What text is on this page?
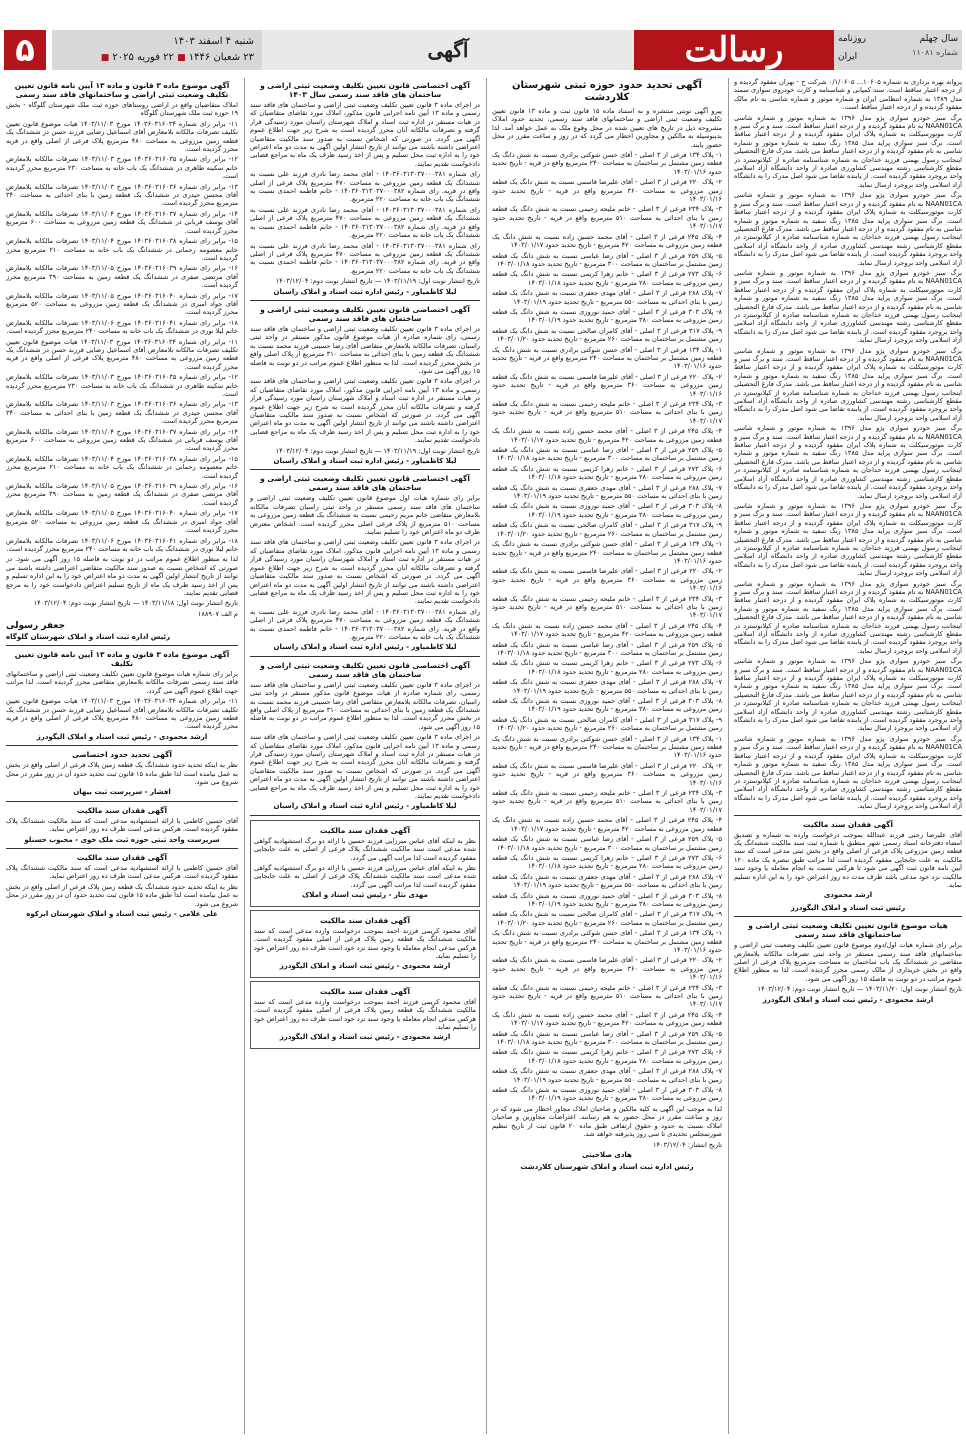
۵	شنبه ۴ اسفند ۱۴۰۳
۲۳ شعبان ۱۴۴۶ ■ ۲۲ فوریه ۲۰۲۵ ■	آگهی	رسالت	سال چهلم
شماره ۱۱۰۸۱
روزنامه
ایران

پروانه بهره برداری به شماره ۱۰۶۰۵... ۰/۱/۰۶۰۵ شرکت ح - تهران مفقود گردیده و از درجه اعتبار ساقط است. سند کمپانی و شناسنامه و کارت خودروی سواری سمند مدل ۱۳۸۹ به شماره انتظامی ایران و شماره موتور و شماره شاسی به نام مالک مفقود گردیده و از درجه اعتبار ساقط است.

برگ سبز خودرو سواری پژو مدل ۱۳۹۶ به شماره موتور و شماره شاسی NAAN01CA به نام مفقود گردیده و از درجه اعتبار ساقط است. سند و برگ سبز و کارت موتورسیکلت به شماره پلاک ایران مفقود گردیده و از درجه اعتبار ساقط است. برگ سبز سواری پراید مدل ۱۳۸۵ رنگ سفید به شماره موتور و شماره شاسی به نام مفقود گردیده و از درجه اعتبار ساقط می باشد. مدرک فارغ التحصیلی اینجانب رسول بهمنی فرزند خداجان به شماره شناسنامه صادره از کیلانوسترد در مقطع کارشناسی رشته مهندسی کشاورزی صادره از واحد دانشگاه آزاد اسلامی واحد بروجرد مفقود گردیده است. از یابنده تقاضا می شود اصل مدرک را به دانشگاه آزاد اسلامی واحد بروجرد ارسال نماید.

برگ سبز خودرو سواری پژو مدل ۱۳۹۶ به شماره موتور و شماره شاسی NAAN01CA به نام مفقود گردیده و از درجه اعتبار ساقط است. سند و برگ سبز و کارت موتورسیکلت به شماره پلاک ایران مفقود گردیده و از درجه اعتبار ساقط است. برگ سبز سواری پراید مدل ۱۳۸۵ رنگ سفید به شماره موتور و شماره شاسی به نام مفقود گردیده و از درجه اعتبار ساقط می باشد. مدرک فارغ التحصیلی اینجانب رسول بهمنی فرزند خداجان به شماره شناسنامه صادره از کیلانوسترد در مقطع کارشناسی رشته مهندسی کشاورزی صادره از واحد دانشگاه آزاد اسلامی واحد بروجرد مفقود گردیده است. از یابنده تقاضا می شود اصل مدرک را به دانشگاه آزاد اسلامی واحد بروجرد ارسال نماید.

برگ سبز خودرو سواری پژو مدل ۱۳۹۶ به شماره موتور و شماره شاسی NAAN01CA به نام مفقود گردیده و از درجه اعتبار ساقط است. سند و برگ سبز و کارت موتورسیکلت به شماره پلاک ایران مفقود گردیده و از درجه اعتبار ساقط است. برگ سبز سواری پراید مدل ۱۳۸۵ رنگ سفید به شماره موتور و شماره شاسی به نام مفقود گردیده و از درجه اعتبار ساقط می باشد. مدرک فارغ التحصیلی اینجانب رسول بهمنی فرزند خداجان به شماره شناسنامه صادره از کیلانوسترد در مقطع کارشناسی رشته مهندسی کشاورزی صادره از واحد دانشگاه آزاد اسلامی واحد بروجرد مفقود گردیده است. از یابنده تقاضا می شود اصل مدرک را به دانشگاه آزاد اسلامی واحد بروجرد ارسال نماید.

برگ سبز خودرو سواری پژو مدل ۱۳۹۶ به شماره موتور و شماره شاسی NAAN01CA به نام مفقود گردیده و از درجه اعتبار ساقط است. سند و برگ سبز و کارت موتورسیکلت به شماره پلاک ایران مفقود گردیده و از درجه اعتبار ساقط است. برگ سبز سواری پراید مدل ۱۳۸۵ رنگ سفید به شماره موتور و شماره شاسی به نام مفقود گردیده و از درجه اعتبار ساقط می باشد. مدرک فارغ التحصیلی اینجانب رسول بهمنی فرزند خداجان به شماره شناسنامه صادره از کیلانوسترد در مقطع کارشناسی رشته مهندسی کشاورزی صادره از واحد دانشگاه آزاد اسلامی واحد بروجرد مفقود گردیده است. از یابنده تقاضا می شود اصل مدرک را به دانشگاه آزاد اسلامی واحد بروجرد ارسال نماید.

برگ سبز خودرو سواری پژو مدل ۱۳۹۶ به شماره موتور و شماره شاسی NAAN01CA به نام مفقود گردیده و از درجه اعتبار ساقط است. سند و برگ سبز و کارت موتورسیکلت به شماره پلاک ایران مفقود گردیده و از درجه اعتبار ساقط است. برگ سبز سواری پراید مدل ۱۳۸۵ رنگ سفید به شماره موتور و شماره شاسی به نام مفقود گردیده و از درجه اعتبار ساقط می باشد. مدرک فارغ التحصیلی اینجانب رسول بهمنی فرزند خداجان به شماره شناسنامه صادره از کیلانوسترد در مقطع کارشناسی رشته مهندسی کشاورزی صادره از واحد دانشگاه آزاد اسلامی واحد بروجرد مفقود گردیده است. از یابنده تقاضا می شود اصل مدرک را به دانشگاه آزاد اسلامی واحد بروجرد ارسال نماید.

برگ سبز خودرو سواری پژو مدل ۱۳۹۶ به شماره موتور و شماره شاسی NAAN01CA به نام مفقود گردیده و از درجه اعتبار ساقط است. سند و برگ سبز و کارت موتورسیکلت به شماره پلاک ایران مفقود گردیده و از درجه اعتبار ساقط است. برگ سبز سواری پراید مدل ۱۳۸۵ رنگ سفید به شماره موتور و شماره شاسی به نام مفقود گردیده و از درجه اعتبار ساقط می باشد. مدرک فارغ التحصیلی اینجانب رسول بهمنی فرزند خداجان به شماره شناسنامه صادره از کیلانوسترد در مقطع کارشناسی رشته مهندسی کشاورزی صادره از واحد دانشگاه آزاد اسلامی واحد بروجرد مفقود گردیده است. از یابنده تقاضا می شود اصل مدرک را به دانشگاه آزاد اسلامی واحد بروجرد ارسال نماید.

برگ سبز خودرو سواری پژو مدل ۱۳۹۶ به شماره موتور و شماره شاسی NAAN01CA به نام مفقود گردیده و از درجه اعتبار ساقط است. سند و برگ سبز و کارت موتورسیکلت به شماره پلاک ایران مفقود گردیده و از درجه اعتبار ساقط است. برگ سبز سواری پراید مدل ۱۳۸۵ رنگ سفید به شماره موتور و شماره شاسی به نام مفقود گردیده و از درجه اعتبار ساقط می باشد. مدرک فارغ التحصیلی اینجانب رسول بهمنی فرزند خداجان به شماره شناسنامه صادره از کیلانوسترد در مقطع کارشناسی رشته مهندسی کشاورزی صادره از واحد دانشگاه آزاد اسلامی واحد بروجرد مفقود گردیده است. از یابنده تقاضا می شود اصل مدرک را به دانشگاه آزاد اسلامی واحد بروجرد ارسال نماید.

برگ سبز خودرو سواری پژو مدل ۱۳۹۶ به شماره موتور و شماره شاسی NAAN01CA به نام مفقود گردیده و از درجه اعتبار ساقط است. سند و برگ سبز و کارت موتورسیکلت به شماره پلاک ایران مفقود گردیده و از درجه اعتبار ساقط است. برگ سبز سواری پراید مدل ۱۳۸۵ رنگ سفید به شماره موتور و شماره شاسی به نام مفقود گردیده و از درجه اعتبار ساقط می باشد. مدرک فارغ التحصیلی اینجانب رسول بهمنی فرزند خداجان به شماره شناسنامه صادره از کیلانوسترد در مقطع کارشناسی رشته مهندسی کشاورزی صادره از واحد دانشگاه آزاد اسلامی واحد بروجرد مفقود گردیده است. از یابنده تقاضا می شود اصل مدرک را به دانشگاه آزاد اسلامی واحد بروجرد ارسال نماید.

برگ سبز خودرو سواری پژو مدل ۱۳۹۶ به شماره موتور و شماره شاسی NAAN01CA به نام مفقود گردیده و از درجه اعتبار ساقط است. سند و برگ سبز و کارت موتورسیکلت به شماره پلاک ایران مفقود گردیده و از درجه اعتبار ساقط است. برگ سبز سواری پراید مدل ۱۳۸۵ رنگ سفید به شماره موتور و شماره شاسی به نام مفقود گردیده و از درجه اعتبار ساقط می باشد. مدرک فارغ التحصیلی اینجانب رسول بهمنی فرزند خداجان به شماره شناسنامه صادره از کیلانوسترد در مقطع کارشناسی رشته مهندسی کشاورزی صادره از واحد دانشگاه آزاد اسلامی واحد بروجرد مفقود گردیده است. از یابنده تقاضا می شود اصل مدرک را به دانشگاه آزاد اسلامی واحد بروجرد ارسال نماید.

آگهی فقدان سند مالکیت

آقای علیرضا رجبی فرزند عبدالله بموجب درخواست وارده به شماره و تصدیق امضاء دفترخانه اسناد رسمی شهر منطبق با شماره ثبت سند مالکیت ششدانگ یک قطعه زمین مزروعی پلاک فرعی از اصلی واقع در بخش ثبتی مدعی است که سند مالکیت به علت جابجایی مفقود گردیده است لذا مراتب طبق تبصره یک ماده ۱۲۰ آیین نامه قانون ثبت آگهی می شود تا هرکس نسبت به انجام معامله یا وجود سند مالکیت نزد خود مدعی باشد ظرف مدت ده روز اعتراض خود را به این اداره تسلیم نماید.

ارشد محمودی
رئیس ثبت اسناد و املاک الیگودرز
هیات موضوع قانون تعیین تکلیف وضعیت ثبتی اراضی و ساختمانهای فاقد سند رسمی

برابر رای شماره هیات اول/دوم موضوع قانون تعیین تکلیف وضعیت ثبتی اراضی و ساختمانهای فاقد سند رسمی مستقر در واحد ثبتی تصرفات مالکانه بلامعارض متقاضی در ششدانگ یک باب ساختمان به مساحت مترمربع پلاک فرعی از اصلی واقع در بخش خریداری از مالک رسمی محرز گردیده است. لذا به منظور اطلاع عموم مراتب در دو نوبت به فاصله ۱۵ روز آگهی می شود.

تاریخ انتشار نوبت اول: ۱۴۰۳/۱۱/۲۰ — تاریخ انتشار نوبت دوم: ۱۴۰۳/۱۲/۰۴

ارشد محمودی - رئیس ثبت اسناد و املاک الیگودرز
آگهی تحدید حدود حوزه ثبتی شهرستان کلاردشت

پیرو آگهی نوبتی منتشره و به استناد ماده ۱۵ قانون ثبت و ماده ۱۳ قانون تعیین تکلیف وضعیت ثبتی اراضی و ساختمانهای فاقد سند رسمی، تحدید حدود املاک مشروحه ذیل در تاریخ های تعیین شده در محل وقوع ملک به عمل خواهد آمد. لذا بدینوسیله به مالکین و مجاورین اخطار می گردد که در روز و ساعت مقرر در محل حضور یابند.

۱- پلاک ۱۳۴ فرعی از ۳ اصلی - آقای حسن شوکتی برادری نسبت به شش دانگ یک قطعه زمین مشتمل بر ساختمان به مساحت ۲۴۰ مترمربع واقع در قریه - تاریخ تحدید حدود ۱۴۰۳/۰۱/۱۶

۲- پلاک ۲۲۰ فرعی از ۳ اصلی - آقای علیرضا قاسمی نسبت به شش دانگ یک قطعه زمین مزروعی به مساحت ۳۶۰ مترمربع واقع در قریه - تاریخ تحدید حدود ۱۴۰۳/۰۱/۱۶

۳- پلاک ۲۳۴ فرعی از ۳ اصلی - خانم ملیحه رحیمی نسبت به شش دانگ یک قطعه زمین با بنای احداثی به مساحت ۵۱۰ مترمربع واقع در قریه - تاریخ تحدید حدود ۱۴۰۳/۰۱/۱۷

۴- پلاک ۲۴۵ فرعی از ۳ اصلی - آقای محمد حسین زاده نسبت به شش دانگ یک قطعه زمین مزروعی به مساحت ۴۲۰ مترمربع - تاریخ تحدید حدود ۱۴۰۳/۰۱/۱۷

۵- پلاک ۲۵۹ فرعی از ۳ اصلی - آقای رضا عباسی نسبت به شش دانگ یک قطعه زمین مشتمل بر ساختمان به مساحت ۳۰۰ مترمربع - تاریخ تحدید حدود ۱۴۰۳/۰۱/۱۸

۶- پلاک ۲۷۳ فرعی از ۳ اصلی - خانم زهرا کریمی نسبت به شش دانگ یک قطعه زمین مزروعی به مساحت ۲۸۰ مترمربع - تاریخ تحدید حدود ۱۴۰۳/۰۱/۱۸

۷- پلاک ۲۸۸ فرعی از ۳ اصلی - آقای مهدی جعفری نسبت به شش دانگ یک قطعه زمین با بنای احداثی به مساحت ۵۵۰ مترمربع - تاریخ تحدید حدود ۱۴۰۳/۰۱/۱۹

۸- پلاک ۳۰۳ فرعی از ۳ اصلی - آقای حمید نوروزی نسبت به شش دانگ یک قطعه زمین مزروعی به مساحت ۳۸۰ مترمربع - تاریخ تحدید حدود ۱۴۰۳/۰۱/۱۹

۹- پلاک ۳۱۷ فرعی از ۳ اصلی - آقای کامران صالحی نسبت به شش دانگ یک قطعه زمین مشتمل بر ساختمان به مساحت ۲۶۰ مترمربع - تاریخ تحدید حدود ۱۴۰۳/۰۱/۲۰

۱- پلاک ۱۳۴ فرعی از ۳ اصلی - آقای حسن شوکتی برادری نسبت به شش دانگ یک قطعه زمین مشتمل بر ساختمان به مساحت ۲۴۰ مترمربع واقع در قریه - تاریخ تحدید حدود ۱۴۰۳/۰۱/۱۶

۲- پلاک ۲۲۰ فرعی از ۳ اصلی - آقای علیرضا قاسمی نسبت به شش دانگ یک قطعه زمین مزروعی به مساحت ۳۶۰ مترمربع واقع در قریه - تاریخ تحدید حدود ۱۴۰۳/۰۱/۱۶

۳- پلاک ۲۳۴ فرعی از ۳ اصلی - خانم ملیحه رحیمی نسبت به شش دانگ یک قطعه زمین با بنای احداثی به مساحت ۵۱۰ مترمربع واقع در قریه - تاریخ تحدید حدود ۱۴۰۳/۰۱/۱۷

۴- پلاک ۲۴۵ فرعی از ۳ اصلی - آقای محمد حسین زاده نسبت به شش دانگ یک قطعه زمین مزروعی به مساحت ۴۲۰ مترمربع - تاریخ تحدید حدود ۱۴۰۳/۰۱/۱۷

۵- پلاک ۲۵۹ فرعی از ۳ اصلی - آقای رضا عباسی نسبت به شش دانگ یک قطعه زمین مشتمل بر ساختمان به مساحت ۳۰۰ مترمربع - تاریخ تحدید حدود ۱۴۰۳/۰۱/۱۸

۶- پلاک ۲۷۳ فرعی از ۳ اصلی - خانم زهرا کریمی نسبت به شش دانگ یک قطعه زمین مزروعی به مساحت ۲۸۰ مترمربع - تاریخ تحدید حدود ۱۴۰۳/۰۱/۱۸

۷- پلاک ۲۸۸ فرعی از ۳ اصلی - آقای مهدی جعفری نسبت به شش دانگ یک قطعه زمین با بنای احداثی به مساحت ۵۵۰ مترمربع - تاریخ تحدید حدود ۱۴۰۳/۰۱/۱۹

۸- پلاک ۳۰۳ فرعی از ۳ اصلی - آقای حمید نوروزی نسبت به شش دانگ یک قطعه زمین مزروعی به مساحت ۳۸۰ مترمربع - تاریخ تحدید حدود ۱۴۰۳/۰۱/۱۹

۹- پلاک ۳۱۷ فرعی از ۳ اصلی - آقای کامران صالحی نسبت به شش دانگ یک قطعه زمین مشتمل بر ساختمان به مساحت ۲۶۰ مترمربع - تاریخ تحدید حدود ۱۴۰۳/۰۱/۲۰

۱- پلاک ۱۳۴ فرعی از ۳ اصلی - آقای حسن شوکتی برادری نسبت به شش دانگ یک قطعه زمین مشتمل بر ساختمان به مساحت ۲۴۰ مترمربع واقع در قریه - تاریخ تحدید حدود ۱۴۰۳/۰۱/۱۶

۲- پلاک ۲۲۰ فرعی از ۳ اصلی - آقای علیرضا قاسمی نسبت به شش دانگ یک قطعه زمین مزروعی به مساحت ۳۶۰ مترمربع واقع در قریه - تاریخ تحدید حدود ۱۴۰۳/۰۱/۱۶

۳- پلاک ۲۳۴ فرعی از ۳ اصلی - خانم ملیحه رحیمی نسبت به شش دانگ یک قطعه زمین با بنای احداثی به مساحت ۵۱۰ مترمربع واقع در قریه - تاریخ تحدید حدود ۱۴۰۳/۰۱/۱۷

۴- پلاک ۲۴۵ فرعی از ۳ اصلی - آقای محمد حسین زاده نسبت به شش دانگ یک قطعه زمین مزروعی به مساحت ۴۲۰ مترمربع - تاریخ تحدید حدود ۱۴۰۳/۰۱/۱۷

۵- پلاک ۲۵۹ فرعی از ۳ اصلی - آقای رضا عباسی نسبت به شش دانگ یک قطعه زمین مشتمل بر ساختمان به مساحت ۳۰۰ مترمربع - تاریخ تحدید حدود ۱۴۰۳/۰۱/۱۸

۶- پلاک ۲۷۳ فرعی از ۳ اصلی - خانم زهرا کریمی نسبت به شش دانگ یک قطعه زمین مزروعی به مساحت ۲۸۰ مترمربع - تاریخ تحدید حدود ۱۴۰۳/۰۱/۱۸

۷- پلاک ۲۸۸ فرعی از ۳ اصلی - آقای مهدی جعفری نسبت به شش دانگ یک قطعه زمین با بنای احداثی به مساحت ۵۵۰ مترمربع - تاریخ تحدید حدود ۱۴۰۳/۰۱/۱۹

۸- پلاک ۳۰۳ فرعی از ۳ اصلی - آقای حمید نوروزی نسبت به شش دانگ یک قطعه زمین مزروعی به مساحت ۳۸۰ مترمربع - تاریخ تحدید حدود ۱۴۰۳/۰۱/۱۹

۹- پلاک ۳۱۷ فرعی از ۳ اصلی - آقای کامران صالحی نسبت به شش دانگ یک قطعه زمین مشتمل بر ساختمان به مساحت ۲۶۰ مترمربع - تاریخ تحدید حدود ۱۴۰۳/۰۱/۲۰

۱- پلاک ۱۳۴ فرعی از ۳ اصلی - آقای حسن شوکتی برادری نسبت به شش دانگ یک قطعه زمین مشتمل بر ساختمان به مساحت ۲۴۰ مترمربع واقع در قریه - تاریخ تحدید حدود ۱۴۰۳/۰۱/۱۶

۲- پلاک ۲۲۰ فرعی از ۳ اصلی - آقای علیرضا قاسمی نسبت به شش دانگ یک قطعه زمین مزروعی به مساحت ۳۶۰ مترمربع واقع در قریه - تاریخ تحدید حدود ۱۴۰۳/۰۱/۱۶

۳- پلاک ۲۳۴ فرعی از ۳ اصلی - خانم ملیحه رحیمی نسبت به شش دانگ یک قطعه زمین با بنای احداثی به مساحت ۵۱۰ مترمربع واقع در قریه - تاریخ تحدید حدود ۱۴۰۳/۰۱/۱۷

۴- پلاک ۲۴۵ فرعی از ۳ اصلی - آقای محمد حسین زاده نسبت به شش دانگ یک قطعه زمین مزروعی به مساحت ۴۲۰ مترمربع - تاریخ تحدید حدود ۱۴۰۳/۰۱/۱۷

۵- پلاک ۲۵۹ فرعی از ۳ اصلی - آقای رضا عباسی نسبت به شش دانگ یک قطعه زمین مشتمل بر ساختمان به مساحت ۳۰۰ مترمربع - تاریخ تحدید حدود ۱۴۰۳/۰۱/۱۸

۶- پلاک ۲۷۳ فرعی از ۳ اصلی - خانم زهرا کریمی نسبت به شش دانگ یک قطعه زمین مزروعی به مساحت ۲۸۰ مترمربع - تاریخ تحدید حدود ۱۴۰۳/۰۱/۱۸

۷- پلاک ۲۸۸ فرعی از ۳ اصلی - آقای مهدی جعفری نسبت به شش دانگ یک قطعه زمین با بنای احداثی به مساحت ۵۵۰ مترمربع - تاریخ تحدید حدود ۱۴۰۳/۰۱/۱۹

۸- پلاک ۳۰۳ فرعی از ۳ اصلی - آقای حمید نوروزی نسبت به شش دانگ یک قطعه زمین مزروعی به مساحت ۳۸۰ مترمربع - تاریخ تحدید حدود ۱۴۰۳/۰۱/۱۹

۹- پلاک ۳۱۷ فرعی از ۳ اصلی - آقای کامران صالحی نسبت به شش دانگ یک قطعه زمین مشتمل بر ساختمان به مساحت ۲۶۰ مترمربع - تاریخ تحدید حدود ۱۴۰۳/۰۱/۲۰

۱- پلاک ۱۳۴ فرعی از ۳ اصلی - آقای حسن شوکتی برادری نسبت به شش دانگ یک قطعه زمین مشتمل بر ساختمان به مساحت ۲۴۰ مترمربع واقع در قریه - تاریخ تحدید حدود ۱۴۰۳/۰۱/۱۶

۲- پلاک ۲۲۰ فرعی از ۳ اصلی - آقای علیرضا قاسمی نسبت به شش دانگ یک قطعه زمین مزروعی به مساحت ۳۶۰ مترمربع واقع در قریه - تاریخ تحدید حدود ۱۴۰۳/۰۱/۱۶

۳- پلاک ۲۳۴ فرعی از ۳ اصلی - خانم ملیحه رحیمی نسبت به شش دانگ یک قطعه زمین با بنای احداثی به مساحت ۵۱۰ مترمربع واقع در قریه - تاریخ تحدید حدود ۱۴۰۳/۰۱/۱۷

۴- پلاک ۲۴۵ فرعی از ۳ اصلی - آقای محمد حسین زاده نسبت به شش دانگ یک قطعه زمین مزروعی به مساحت ۴۲۰ مترمربع - تاریخ تحدید حدود ۱۴۰۳/۰۱/۱۷

۵- پلاک ۲۵۹ فرعی از ۳ اصلی - آقای رضا عباسی نسبت به شش دانگ یک قطعه زمین مشتمل بر ساختمان به مساحت ۳۰۰ مترمربع - تاریخ تحدید حدود ۱۴۰۳/۰۱/۱۸

۶- پلاک ۲۷۳ فرعی از ۳ اصلی - خانم زهرا کریمی نسبت به شش دانگ یک قطعه زمین مزروعی به مساحت ۲۸۰ مترمربع - تاریخ تحدید حدود ۱۴۰۳/۰۱/۱۸

۷- پلاک ۲۸۸ فرعی از ۳ اصلی - آقای مهدی جعفری نسبت به شش دانگ یک قطعه زمین با بنای احداثی به مساحت ۵۵۰ مترمربع - تاریخ تحدید حدود ۱۴۰۳/۰۱/۱۹

۸- پلاک ۳۰۳ فرعی از ۳ اصلی - آقای حمید نوروزی نسبت به شش دانگ یک قطعه زمین مزروعی به مساحت ۳۸۰ مترمربع - تاریخ تحدید حدود ۱۴۰۳/۰۱/۱۹

لذا به موجب این آگهی به کلیه مالکین و صاحبان املاک مجاور اخطار می شود که در روز و ساعت مقرر در محل حضور به هم رسانند. اعتراضات مجاورین و صاحبان املاک نسبت به حدود و حقوق ارتفاقی طبق ماده ۲۰ قانون ثبت از تاریخ تنظیم صورتمجلس تحدیدی تا سی روز پذیرفته خواهد شد.

تاریخ انتشار: ۱۴۰۳/۱۲/۰۴

هادی صلاحیتی
رئیس اداره ثبت اسناد و املاک شهرستان کلاردشت
آگهی اختصاصی قانون تعیین تکلیف وضعیت ثبتی اراضی و ساختمان های فاقد سند رسمی سال ۱۴۰۳

در اجرای ماده ۳ قانون تعیین تکلیف وضعیت ثبتی اراضی و ساختمان های فاقد سند رسمی و ماده ۱۳ آیین نامه اجرایی قانون مذکور، املاک مورد تقاضای متقاضیان که در هیات مستقر در اداره ثبت اسناد و املاک شهرستان راسبان مورد رسیدگی قرار گرفته و تصرفات مالکانه آنان محرز گردیده است به شرح زیر جهت اطلاع عموم آگهی می گردد. در صورتی که اشخاص نسبت به صدور سند مالکیت متقاضیان اعتراضی داشته باشند می توانند از تاریخ انتشار اولین آگهی به مدت دو ماه اعتراض خود را به اداره ثبت محل تسلیم و پس از اخذ رسید ظرف یک ماه به مراجع قضایی دادخواست تقدیم نمایند.

رای شماره ۱۴۰۳۶۰۳۱۳۰۳۷۰۰۰۳۸۱ - آقای محمد رضا نادری فرزند علی نسبت به ششدانگ یک قطعه زمین مزروعی به مساحت ۴۷۰ مترمربع پلاک فرعی از اصلی واقع در قریه. رای شماره ۱۴۰۳۶۰۳۱۳۰۳۷۰۰۰۳۸۲ - خانم فاطمه احمدی نسبت به ششدانگ یک باب خانه به مساحت ۲۲۰ مترمربع.

رای شماره ۱۴۰۳۶۰۳۱۳۰۳۷۰۰۰۳۸۱ - آقای محمد رضا نادری فرزند علی نسبت به ششدانگ یک قطعه زمین مزروعی به مساحت ۴۷۰ مترمربع پلاک فرعی از اصلی واقع در قریه. رای شماره ۱۴۰۳۶۰۳۱۳۰۳۷۰۰۰۳۸۲ - خانم فاطمه احمدی نسبت به ششدانگ یک باب خانه به مساحت ۲۲۰ مترمربع.

رای شماره ۱۴۰۳۶۰۳۱۳۰۳۷۰۰۰۳۸۱ - آقای محمد رضا نادری فرزند علی نسبت به ششدانگ یک قطعه زمین مزروعی به مساحت ۴۷۰ مترمربع پلاک فرعی از اصلی واقع در قریه. رای شماره ۱۴۰۳۶۰۳۱۳۰۳۷۰۰۰۳۸۲ - خانم فاطمه احمدی نسبت به ششدانگ یک باب خانه به مساحت ۲۲۰ مترمربع.

تاریخ انتشار نوبت اول: ۱۴۰۳/۱۱/۱۹ — تاریخ انتشار نوبت دوم: ۱۴۰۳/۱۲/۰۴

لیلا کاظمیاور - رئیس اداره ثبت اسناد و املاک راسبان
آگهی اختصاصی قانون تعیین تکلیف وضعیت ثبتی اراضی و ساختمان های فاقد سند رسمی

در اجرای ماده ۳ قانون تعیین تکلیف وضعیت ثبتی اراضی و ساختمان های فاقد سند رسمی، رای شماره صادره از هیات موضوع قانون مذکور مستقر در واحد ثبتی راسبان، تصرفات مالکانه بلامعارض متقاضی آقای رضا حسینی فرزند محمد نسبت به ششدانگ یک قطعه زمین با بنای احداثی به مساحت ۳۱۰ مترمربع از پلاک اصلی واقع در بخش محرز گردیده است. لذا به منظور اطلاع عموم مراتب در دو نوبت به فاصله ۱۵ روز آگهی می شود.

در اجرای ماده ۳ قانون تعیین تکلیف وضعیت ثبتی اراضی و ساختمان های فاقد سند رسمی و ماده ۱۳ آیین نامه اجرایی قانون مذکور، املاک مورد تقاضای متقاضیان که در هیات مستقر در اداره ثبت اسناد و املاک شهرستان راسبان مورد رسیدگی قرار گرفته و تصرفات مالکانه آنان محرز گردیده است به شرح زیر جهت اطلاع عموم آگهی می گردد. در صورتی که اشخاص نسبت به صدور سند مالکیت متقاضیان اعتراضی داشته باشند می توانند از تاریخ انتشار اولین آگهی به مدت دو ماه اعتراض خود را به اداره ثبت محل تسلیم و پس از اخذ رسید ظرف یک ماه به مراجع قضایی دادخواست تقدیم نمایند.

تاریخ انتشار نوبت اول: ۱۴۰۳/۱۱/۱۹ — تاریخ انتشار نوبت دوم: ۱۴۰۳/۱۲/۰۴

لیلا کاظمیاور - رئیس اداره ثبت اسناد و املاک راسبان
آگهی اختصاصی قانون تعیین تکلیف وضعیت ثبتی اراضی و ساختمان های فاقد سند رسمی

برابر رای شماره هیات اول موضوع قانون تعیین تکلیف وضعیت ثبتی اراضی و ساختمان های فاقد سند رسمی مستقر در واحد ثبتی راسبان تصرفات مالکانه بلامعارض متقاضی خانم مریم رحیمی نسبت به ششدانگ یک قطعه زمین مزروعی به مساحت ۵۱۰ مترمربع از پلاک فرعی اصلی محرز گردیده است. اشخاص معترض ظرف دو ماه اعتراض خود را تسلیم نمایند.

در اجرای ماده ۳ قانون تعیین تکلیف وضعیت ثبتی اراضی و ساختمان های فاقد سند رسمی و ماده ۱۳ آیین نامه اجرایی قانون مذکور، املاک مورد تقاضای متقاضیان که در هیات مستقر در اداره ثبت اسناد و املاک شهرستان راسبان مورد رسیدگی قرار گرفته و تصرفات مالکانه آنان محرز گردیده است به شرح زیر جهت اطلاع عموم آگهی می گردد. در صورتی که اشخاص نسبت به صدور سند مالکیت متقاضیان اعتراضی داشته باشند می توانند از تاریخ انتشار اولین آگهی به مدت دو ماه اعتراض خود را به اداره ثبت محل تسلیم و پس از اخذ رسید ظرف یک ماه به مراجع قضایی دادخواست تقدیم نمایند.

رای شماره ۱۴۰۳۶۰۳۱۳۰۳۷۰۰۰۳۸۱ - آقای محمد رضا نادری فرزند علی نسبت به ششدانگ یک قطعه زمین مزروعی به مساحت ۴۷۰ مترمربع پلاک فرعی از اصلی واقع در قریه. رای شماره ۱۴۰۳۶۰۳۱۳۰۳۷۰۰۰۳۸۲ - خانم فاطمه احمدی نسبت به ششدانگ یک باب خانه به مساحت ۲۲۰ مترمربع.

لیلا کاظمیاور - رئیس اداره ثبت اسناد و املاک راسبان
آگهی اختصاصی قانون تعیین تکلیف وضعیت ثبتی اراضی و ساختمان های فاقد سند رسمی

در اجرای ماده ۳ قانون تعیین تکلیف وضعیت ثبتی اراضی و ساختمان های فاقد سند رسمی، رای شماره صادره از هیات موضوع قانون مذکور مستقر در واحد ثبتی راسبان، تصرفات مالکانه بلامعارض متقاضی آقای رضا حسینی فرزند محمد نسبت به ششدانگ یک قطعه زمین با بنای احداثی به مساحت ۳۱۰ مترمربع از پلاک اصلی واقع در بخش محرز گردیده است. لذا به منظور اطلاع عموم مراتب در دو نوبت به فاصله ۱۵ روز آگهی می شود.

در اجرای ماده ۳ قانون تعیین تکلیف وضعیت ثبتی اراضی و ساختمان های فاقد سند رسمی و ماده ۱۳ آیین نامه اجرایی قانون مذکور، املاک مورد تقاضای متقاضیان که در هیات مستقر در اداره ثبت اسناد و املاک شهرستان راسبان مورد رسیدگی قرار گرفته و تصرفات مالکانه آنان محرز گردیده است به شرح زیر جهت اطلاع عموم آگهی می گردد. در صورتی که اشخاص نسبت به صدور سند مالکیت متقاضیان اعتراضی داشته باشند می توانند از تاریخ انتشار اولین آگهی به مدت دو ماه اعتراض خود را به اداره ثبت محل تسلیم و پس از اخذ رسید ظرف یک ماه به مراجع قضایی دادخواست تقدیم نمایند.

لیلا کاظمیاور - رئیس اداره ثبت اسناد و املاک راسبان
آگهی فقدان سند مالکیت

نظر به اینکه آقای عباس میرزایی فرزند حسین با ارائه دو برگ استشهادیه گواهی شده مدعی است سند مالکیت ششدانگ پلاک فرعی از اصلی به علت جابجایی مفقود گردیده است لذا مراتب آگهی می گردد.

نظر به اینکه آقای عباس میرزایی فرزند حسین با ارائه دو برگ استشهادیه گواهی شده مدعی است سند مالکیت ششدانگ پلاک فرعی از اصلی به علت جابجایی مفقود گردیده است لذا مراتب آگهی می گردد.

مهدی نثار - رئیس ثبت اسناد و املاک
آگهی فقدان سند مالکیت

آقای محمود کریمی فرزند احمد بموجب درخواست وارده مدعی است که سند مالکیت ششدانگ یک قطعه زمین پلاک فرعی از اصلی مفقود گردیده است. هرکس مدعی انجام معامله یا وجود سند نزد خود است ظرف ده روز اعتراض خود را تسلیم نماید.

ارشد محمودی - رئیس ثبت اسناد و املاک الیگودرز
آگهی فقدان سند مالکیت

آقای محمود کریمی فرزند احمد بموجب درخواست وارده مدعی است که سند مالکیت ششدانگ یک قطعه زمین پلاک فرعی از اصلی مفقود گردیده است. هرکس مدعی انجام معامله یا وجود سند نزد خود است ظرف ده روز اعتراض خود را تسلیم نماید.

ارشد محمودی - رئیس ثبت اسناد و املاک الیگودرز
آگهی موضوع ماده ۳ قانون و ماده ۱۳ آیین نامه قانون تعیین تکلیف وضعیت ثبتی اراضی و ساختمانهای فاقد سند رسمی

املاک متقاضیان واقع در اراضی روستاهای حوزه ثبت ملک شهرستان گلوگاه - بخش ۱۹ حوزه ثبت ملک شهرستان گلوگاه

۱۱- برابر رای شماره ۱۴۰۳۶۰۳۱۶۰۳۴ مورخ ۱۴۰۳/۱۱/۰۳ هیات موضوع قانون تعیین تکلیف تصرفات مالکانه بلامعارض آقای اسماعیل رضایی فرزند حسن در ششدانگ یک قطعه زمین مزروعی به مساحت ۴۸۰ مترمربع پلاک فرعی از اصلی واقع در قریه محرز گردیده است.

۱۲- برابر رای شماره ۱۴۰۳۶۰۳۱۶۰۳۵ مورخ ۱۴۰۳/۱۱/۰۳ تصرفات مالکانه بلامعارض خانم سکینه طاهری در ششدانگ یک باب خانه به مساحت ۲۳۰ مترمربع محرز گردیده است.

۱۳- برابر رای شماره ۱۴۰۳۶۰۳۱۶۰۳۶ مورخ ۱۴۰۳/۱۱/۰۳ تصرفات مالکانه بلامعارض آقای محسن حیدری در ششدانگ یک قطعه زمین با بنای احداثی به مساحت ۳۴۰ مترمربع محرز گردیده است.

۱۴- برابر رای شماره ۱۴۰۳۶۰۳۱۶۰۳۷ مورخ ۱۴۰۳/۱۱/۰۴ تصرفات مالکانه بلامعارض آقای یوسف قربانی در ششدانگ یک قطعه زمین مزروعی به مساحت ۶۰۰ مترمربع محرز گردیده است.

۱۵- برابر رای شماره ۱۴۰۳۶۰۳۱۶۰۳۸ مورخ ۱۴۰۳/۱۱/۰۴ تصرفات مالکانه بلامعارض خانم معصومه رحمانی در ششدانگ یک باب خانه به مساحت ۲۱۰ مترمربع محرز گردیده است.

۱۶- برابر رای شماره ۱۴۰۳۶۰۳۱۶۰۳۹ مورخ ۱۴۰۳/۱۱/۰۵ تصرفات مالکانه بلامعارض آقای مرتضی صفری در ششدانگ یک قطعه زمین به مساحت ۳۹۰ مترمربع محرز گردیده است.

۱۷- برابر رای شماره ۱۴۰۳۶۰۳۱۶۰۴۰ مورخ ۱۴۰۳/۱۱/۰۵ تصرفات مالکانه بلامعارض آقای جواد امیری در ششدانگ یک قطعه زمین مزروعی به مساحت ۵۲۰ مترمربع محرز گردیده است.

۱۸- برابر رای شماره ۱۴۰۳۶۰۳۱۶۰۴۱ مورخ ۱۴۰۳/۱۱/۰۶ تصرفات مالکانه بلامعارض خانم لیلا نوری در ششدانگ یک باب خانه به مساحت ۲۴۰ مترمربع محرز گردیده است.

۱۱- برابر رای شماره ۱۴۰۳۶۰۳۱۶۰۳۴ مورخ ۱۴۰۳/۱۱/۰۳ هیات موضوع قانون تعیین تکلیف تصرفات مالکانه بلامعارض آقای اسماعیل رضایی فرزند حسن در ششدانگ یک قطعه زمین مزروعی به مساحت ۴۸۰ مترمربع پلاک فرعی از اصلی واقع در قریه محرز گردیده است.

۱۲- برابر رای شماره ۱۴۰۳۶۰۳۱۶۰۳۵ مورخ ۱۴۰۳/۱۱/۰۳ تصرفات مالکانه بلامعارض خانم سکینه طاهری در ششدانگ یک باب خانه به مساحت ۲۳۰ مترمربع محرز گردیده است.

۱۳- برابر رای شماره ۱۴۰۳۶۰۳۱۶۰۳۶ مورخ ۱۴۰۳/۱۱/۰۳ تصرفات مالکانه بلامعارض آقای محسن حیدری در ششدانگ یک قطعه زمین با بنای احداثی به مساحت ۳۴۰ مترمربع محرز گردیده است.

۱۴- برابر رای شماره ۱۴۰۳۶۰۳۱۶۰۳۷ مورخ ۱۴۰۳/۱۱/۰۴ تصرفات مالکانه بلامعارض آقای یوسف قربانی در ششدانگ یک قطعه زمین مزروعی به مساحت ۶۰۰ مترمربع محرز گردیده است.

۱۵- برابر رای شماره ۱۴۰۳۶۰۳۱۶۰۳۸ مورخ ۱۴۰۳/۱۱/۰۴ تصرفات مالکانه بلامعارض خانم معصومه رحمانی در ششدانگ یک باب خانه به مساحت ۲۱۰ مترمربع محرز گردیده است.

۱۶- برابر رای شماره ۱۴۰۳۶۰۳۱۶۰۳۹ مورخ ۱۴۰۳/۱۱/۰۵ تصرفات مالکانه بلامعارض آقای مرتضی صفری در ششدانگ یک قطعه زمین به مساحت ۳۹۰ مترمربع محرز گردیده است.

۱۷- برابر رای شماره ۱۴۰۳۶۰۳۱۶۰۴۰ مورخ ۱۴۰۳/۱۱/۰۵ تصرفات مالکانه بلامعارض آقای جواد امیری در ششدانگ یک قطعه زمین مزروعی به مساحت ۵۲۰ مترمربع محرز گردیده است.

۱۸- برابر رای شماره ۱۴۰۳۶۰۳۱۶۰۴۱ مورخ ۱۴۰۳/۱۱/۰۶ تصرفات مالکانه بلامعارض خانم لیلا نوری در ششدانگ یک باب خانه به مساحت ۲۴۰ مترمربع محرز گردیده است.

لذا به منظور اطلاع عموم مراتب در دو نوبت به فاصله ۱۵ روز آگهی می شود. در صورتی که اشخاص نسبت به صدور سند مالکیت متقاضی اعتراضی داشته باشند می توانند از تاریخ انتشار اولین آگهی به مدت دو ماه اعتراض خود را به این اداره تسلیم و پس از اخذ رسید ظرف یک ماه از تاریخ تسلیم اعتراض دادخواست خود را به مرجع قضایی تقدیم نمایند.

تاریخ انتشار نوبت اول: ۱۴۰۳/۱۱/۱۸ — تاریخ انتشار نوبت دوم: ۱۴۰۳/۱۲/۰۴

م الف ۱۸۸۹۰۷

جعفر رسولی
رئیس اداره ثبت اسناد و املاک شهرستان گلوگاه
آگهی موضوع ماده ۳ قانون و ماده ۱۳ آیین نامه قانون تعیین تکلیف

برابر رای شماره هیات موضوع قانون تعیین تکلیف وضعیت ثبتی اراضی و ساختمانهای فاقد سند رسمی تصرفات مالکانه بلامعارض متقاضی محرز گردیده است. لذا مراتب جهت اطلاع عموم آگهی می گردد.

۱۱- برابر رای شماره ۱۴۰۳۶۰۳۱۶۰۳۴ مورخ ۱۴۰۳/۱۱/۰۳ هیات موضوع قانون تعیین تکلیف تصرفات مالکانه بلامعارض آقای اسماعیل رضایی فرزند حسن در ششدانگ یک قطعه زمین مزروعی به مساحت ۴۸۰ مترمربع پلاک فرعی از اصلی واقع در قریه محرز گردیده است.

ارشد محمودی - رئیس ثبت اسناد و املاک الیگودرز
آگهی تحدید حدود اختصاصی

نظر به اینکه تحدید حدود ششدانگ یک قطعه زمین پلاک فرعی از اصلی واقع در بخش به عمل نیامده است لذا طبق ماده ۱۵ قانون ثبت تحدید حدود آن در روز مقرر در محل شروع می شود.

افشار - سرپرست ثبت بیهان
آگهی فقدان سند مالکیت

آقای حسین کاظمی با ارائه استشهادیه مدعی است که سند مالکیت ششدانگ پلاک مفقود گردیده است. هرکس مدعی است ظرف ده روز اعتراض نماید.

سرپرست واحد ثبتی حوزه ثبت ملک خوی - محبوب حسنلو
آگهی فقدان سند مالکیت

آقای حسین کاظمی با ارائه استشهادیه مدعی است که سند مالکیت ششدانگ پلاک مفقود گردیده است. هرکس مدعی است ظرف ده روز اعتراض نماید.

نظر به اینکه تحدید حدود ششدانگ یک قطعه زمین پلاک فرعی از اصلی واقع در بخش به عمل نیامده است لذا طبق ماده ۱۵ قانون ثبت تحدید حدود آن در روز مقرر در محل شروع می شود.

علی غلامی - رئیس ثبت اسناد و املاک شهرستان ابرکوه
